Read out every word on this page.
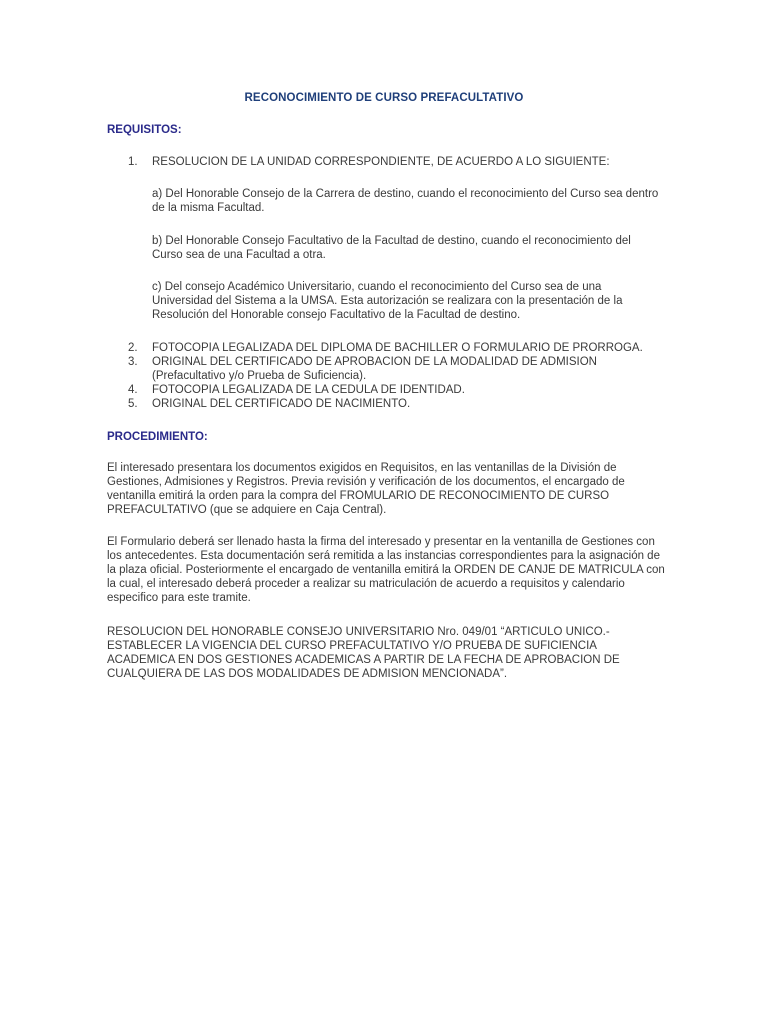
RECONOCIMIENTO DE CURSO PREFACULTATIVO
REQUISITOS:
1. RESOLUCION DE LA UNIDAD CORRESPONDIENTE, DE ACUERDO A LO SIGUIENTE:
a) Del Honorable Consejo de la Carrera de destino, cuando el reconocimiento del Curso sea dentro de la misma Facultad.
b) Del Honorable Consejo Facultativo de la Facultad de destino, cuando el reconocimiento del Curso sea de una Facultad a otra.
c) Del consejo Académico Universitario, cuando el reconocimiento del Curso sea de una Universidad del Sistema a la UMSA. Esta autorización se realizara con la presentación de la Resolución del Honorable consejo Facultativo de la Facultad de destino.
2.	FOTOCOPIA LEGALIZADA DEL DIPLOMA DE BACHILLER O FORMULARIO DE PRORROGA.
3.	ORIGINAL DEL CERTIFICADO DE APROBACION DE LA MODALIDAD DE ADMISION (Prefacultativo y/o Prueba de Suficiencia).
4.	FOTOCOPIA LEGALIZADA DE LA CEDULA DE IDENTIDAD.
5.	ORIGINAL DEL CERTIFICADO DE NACIMIENTO.
PROCEDIMIENTO:
El interesado presentara los documentos exigidos en Requisitos, en las ventanillas de la División de Gestiones, Admisiones y Registros. Previa revisión y verificación de los documentos, el encargado de ventanilla emitirá la orden para la compra del FROMULARIO DE RECONOCIMIENTO DE CURSO PREFACULTATIVO (que se adquiere en Caja Central).
El Formulario deberá ser llenado hasta la firma del interesado y presentar en la ventanilla de Gestiones con los antecedentes. Esta documentación será remitida a las instancias correspondientes para la asignación de la plaza oficial. Posteriormente el encargado de ventanilla emitirá la ORDEN DE CANJE DE MATRICULA con la cual, el interesado deberá proceder a realizar su matriculación de acuerdo a requisitos y calendario especifico para este tramite.
RESOLUCION DEL HONORABLE CONSEJO UNIVERSITARIO Nro. 049/01 “ARTICULO UNICO.- ESTABLECER LA VIGENCIA DEL CURSO PREFACULTATIVO Y/O PRUEBA DE SUFICIENCIA ACADEMICA EN DOS GESTIONES ACADEMICAS A PARTIR DE LA FECHA DE APROBACION DE CUALQUIERA DE LAS DOS MODALIDADES DE ADMISION MENCIONADA”.
